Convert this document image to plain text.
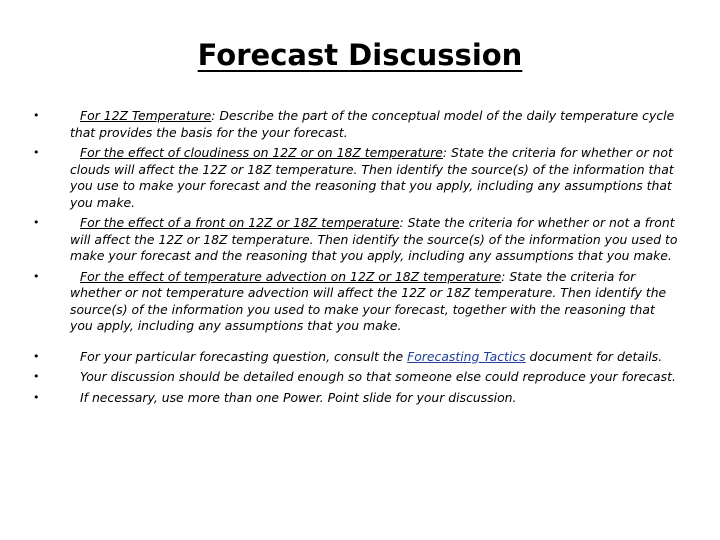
Forecast Discussion
•	For 12Z Temperature: Describe the part of the conceptual model of the daily temperature cycle that provides the basis for the your forecast.
•	For the effect of cloudiness on 12Z or on 18Z temperature: State the criteria for whether or not clouds will affect the 12Z or 18Z temperature. Then identify the source(s) of the information that you use to make your forecast and the reasoning that you apply, including any assumptions that you make.
•	For the effect of a front on 12Z or 18Z temperature: State the criteria for whether or not a front will affect the 12Z or 18Z temperature. Then identify the source(s) of the information you used to make your forecast and the reasoning that you apply, including any assumptions that you make.
•	For the effect of temperature advection on 12Z or 18Z temperature: State the criteria for whether or not temperature advection will affect the 12Z or 18Z temperature. Then identify the source(s) of the information you used to make your forecast, together with the reasoning that you apply, including any assumptions that you make.
•	For your particular forecasting question, consult the Forecasting Tactics document for details.
•	Your discussion should be detailed enough so that someone else could reproduce your forecast.
•	If necessary, use more than one Power. Point slide for your discussion.
